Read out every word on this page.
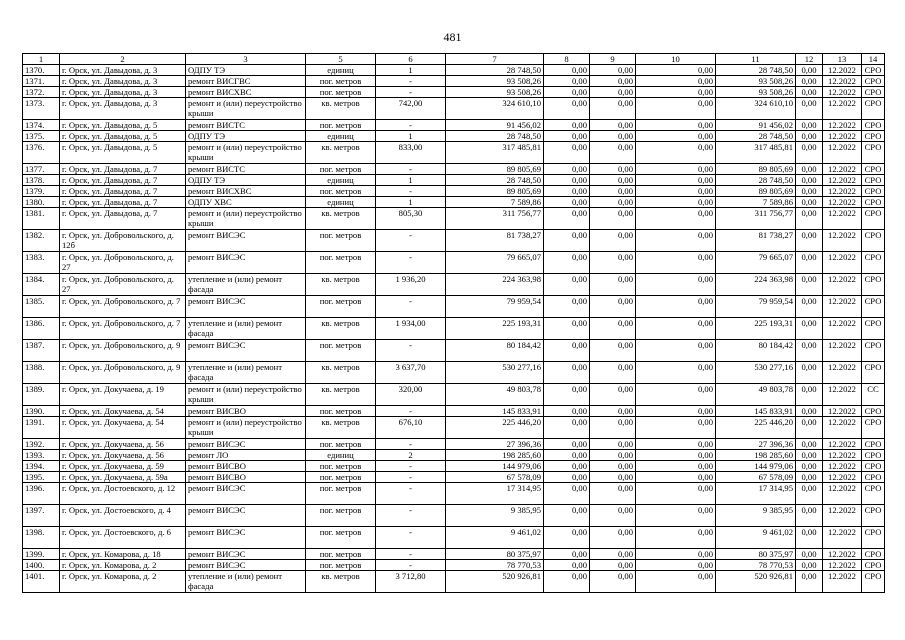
481
1	2	3	5	6	7	8	9	10	11	12	13	14
1370.	г. Орск, ул. Давыдова, д. 3	ОДПУ ТЭ	единиц	1	28 748,50	0,00	0,00	0,00	28 748,50	0,00	12.2022	СРО
1371.	г. Орск, ул. Давыдова, д. 3	ремонт ВИСГВС	пог. метров	-	93 508,26	0,00	0,00	0,00	93 508,26	0,00	12.2022	СРО
1372.	г. Орск, ул. Давыдова, д. 3	ремонт ВИСХВС	пог. метров	-	93 508,26	0,00	0,00	0,00	93 508,26	0,00	12.2022	СРО
1373.	г. Орск, ул. Давыдова, д. 3	ремонт и (или) переустройство крыши	кв. метров	742,00	324 610,10	0,00	0,00	0,00	324 610,10	0,00	12.2022	СРО
1374.	г. Орск, ул. Давыдова, д. 5	ремонт ВИСТС	пог. метров	-	91 456,02	0,00	0,00	0,00	91 456,02	0,00	12.2022	СРО
1375.	г. Орск, ул. Давыдова, д. 5	ОДПУ ТЭ	единиц	1	28 748,50	0,00	0,00	0,00	28 748,50	0,00	12.2022	СРО
1376.	г. Орск, ул. Давыдова, д. 5	ремонт и (или) переустройство крыши	кв. метров	833,00	317 485,81	0,00	0,00	0,00	317 485,81	0,00	12.2022	СРО
1377.	г. Орск, ул. Давыдова, д. 7	ремонт ВИСТС	пог. метров	-	89 805,69	0,00	0,00	0,00	89 805,69	0,00	12.2022	СРО
1378.	г. Орск, ул. Давыдова, д. 7	ОДПУ ТЭ	единиц	1	28 748,50	0,00	0,00	0,00	28 748,50	0,00	12.2022	СРО
1379.	г. Орск, ул. Давыдова, д. 7	ремонт ВИСХВС	пог. метров	-	89 805,69	0,00	0,00	0,00	89 805,69	0,00	12.2022	СРО
1380.	г. Орск, ул. Давыдова, д. 7	ОДПУ ХВС	единиц	1	7 589,86	0,00	0,00	0,00	7 589,86	0,00	12.2022	СРО
1381.	г. Орск, ул. Давыдова, д. 7	ремонт и (или) переустройство крыши	кв. метров	805,30	311 756,77	0,00	0,00	0,00	311 756,77	0,00	12.2022	СРО
1382.	г. Орск, ул. Добровольского, д. 12б	ремонт ВИСЭС	пог. метров	-	81 738,27	0,00	0,00	0,00	81 738,27	0,00	12.2022	СРО
1383.	г. Орск, ул. Добровольского, д. 27	ремонт ВИСЭС	пог. метров	-	79 665,07	0,00	0,00	0,00	79 665,07	0,00	12.2022	СРО
1384.	г. Орск, ул. Добровольского, д. 27	утепление и (или) ремонт фасада	кв. метров	1 936,20	224 363,98	0,00	0,00	0,00	224 363,98	0,00	12.2022	СРО
1385.	г. Орск, ул. Добровольского, д. 7	ремонт ВИСЭС	пог. метров	-	79 959,54	0,00	0,00	0,00	79 959,54	0,00	12.2022	СРО
1386.	г. Орск, ул. Добровольского, д. 7	утепление и (или) ремонт фасада	кв. метров	1 934,00	225 193,31	0,00	0,00	0,00	225 193,31	0,00	12.2022	СРО
1387.	г. Орск, ул. Добровольского, д. 9	ремонт ВИСЭС	пог. метров	-	80 184,42	0,00	0,00	0,00	80 184,42	0,00	12.2022	СРО
1388.	г. Орск, ул. Добровольского, д. 9	утепление и (или) ремонт фасада	кв. метров	3 637,70	530 277,16	0,00	0,00	0,00	530 277,16	0,00	12.2022	СРО
1389.	г. Орск, ул. Докучаева, д. 19	ремонт и (или) переустройство крыши	кв. метров	320,00	49 803,78	0,00	0,00	0,00	49 803,78	0,00	12.2022	СС
1390.	г. Орск, ул. Докучаева, д. 54	ремонт ВИСВО	пог. метров	-	145 833,91	0,00	0,00	0,00	145 833,91	0,00	12.2022	СРО
1391.	г. Орск, ул. Докучаева, д. 54	ремонт и (или) переустройство крыши	кв. метров	676,10	225 446,20	0,00	0,00	0,00	225 446,20	0,00	12.2022	СРО
1392.	г. Орск, ул. Докучаева, д. 56	ремонт ВИСЭС	пог. метров	-	27 396,36	0,00	0,00	0,00	27 396,36	0,00	12.2022	СРО
1393.	г. Орск, ул. Докучаева, д. 56	ремонт ЛО	единиц	2	198 285,60	0,00	0,00	0,00	198 285,60	0,00	12.2022	СРО
1394.	г. Орск, ул. Докучаева, д. 59	ремонт ВИСВО	пог. метров	-	144 979,06	0,00	0,00	0,00	144 979,06	0,00	12.2022	СРО
1395.	г. Орск, ул. Докучаева, д. 59а	ремонт ВИСВО	пог. метров	-	67 578,09	0,00	0,00	0,00	67 578,09	0,00	12.2022	СРО
1396.	г. Орск, ул. Достоевского, д. 12	ремонт ВИСЭС	пог. метров	-	17 314,95	0,00	0,00	0,00	17 314,95	0,00	12.2022	СРО
1397.	г. Орск, ул. Достоевского, д. 4	ремонт ВИСЭС	пог. метров	-	9 385,95	0,00	0,00	0,00	9 385,95	0,00	12.2022	СРО
1398.	г. Орск, ул. Достоевского, д. 6	ремонт ВИСЭС	пог. метров	-	9 461,02	0,00	0,00	0,00	9 461,02	0,00	12.2022	СРО
1399.	г. Орск, ул. Комарова, д. 18	ремонт ВИСЭС	пог. метров	-	80 375,97	0,00	0,00	0,00	80 375,97	0,00	12.2022	СРО
1400.	г. Орск, ул. Комарова, д. 2	ремонт ВИСЭС	пог. метров	-	78 770,53	0,00	0,00	0,00	78 770,53	0,00	12.2022	СРО
1401.	г. Орск, ул. Комарова, д. 2	утепление и (или) ремонт фасада	кв. метров	3 712,80	520 926,81	0,00	0,00	0,00	520 926,81	0,00	12.2022	СРО
